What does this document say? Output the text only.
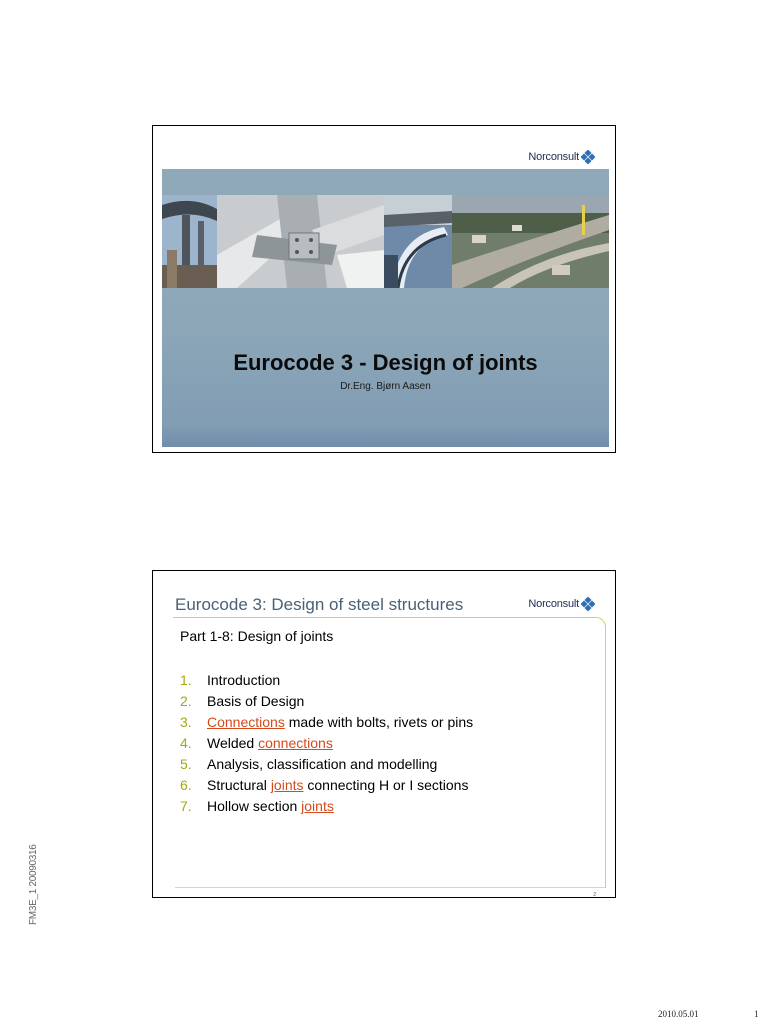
Norconsult
Eurocode 3 - Design of joints
Dr.Eng. Bjørn Aasen
Eurocode 3: Design of steel structures	Norconsult
Part 1-8: Design of joints
1. Introduction
2. Basis of Design
3. Connections made with bolts, rivets or pins
4. Welded connections
5. Analysis, classification and modelling
6. Structural joints connecting H or I sections
7. Hollow section joints
2
FM3E_1 20090316
2010.05.01	1
